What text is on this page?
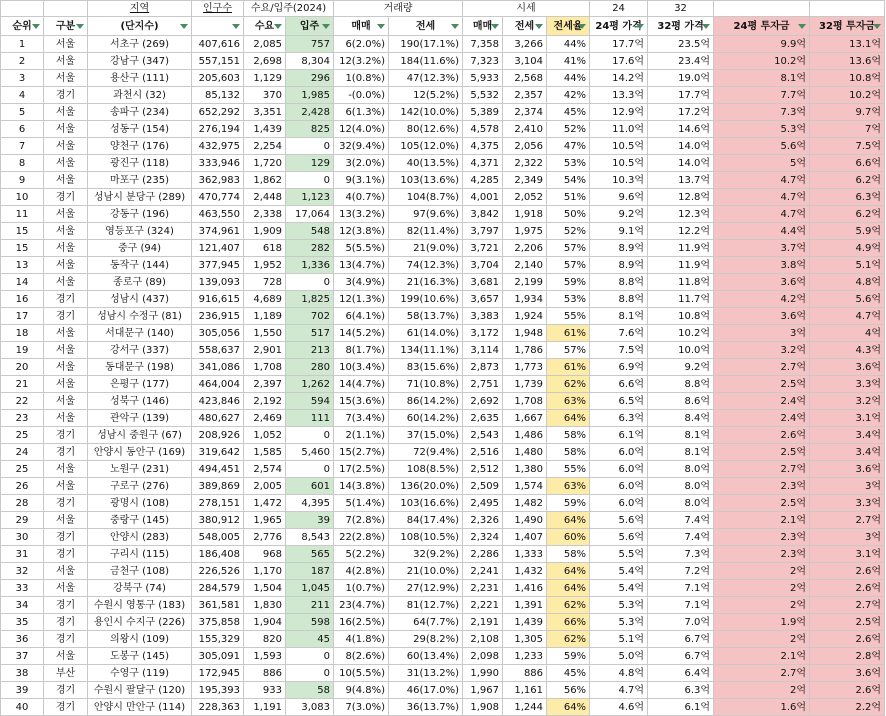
		지역	인구수	수요/입주(2024)		거래량		시세			24	32		
순위	구분	(단지수)		수요	입주	매매	전세	매매	전세	전세율	24평 가격	32평 가격	24평 투자금	32평 투자금

1	서울	서초구 (269)	407,616	2,085	757	6(2.0%)	190(17.1%)	7,358	3,266	44%	17.7억	23.5억	9.9억	13.1억
2	서울	강남구 (347)	557,151	2,698	8,304	12(3.2%)	184(11.6%)	7,323	3,104	41%	17.6억	23.4억	10.2억	13.6억
3	서울	용산구 (111)	205,603	1,129	296	1(0.8%)	47(12.3%)	5,933	2,568	44%	14.2억	19.0억	8.1억	10.8억
4	경기	과천시 (32)	85,132	370	1,985	-(0.0%)	12(5.2%)	5,532	2,357	42%	13.3억	17.7억	7.7억	10.2억
5	서울	송파구 (234)	652,292	3,351	2,428	6(1.3%)	142(10.0%)	5,389	2,374	45%	12.9억	17.2억	7.3억	9.7억
6	서울	성동구 (154)	276,194	1,439	825	12(4.0%)	80(12.6%)	4,578	2,410	52%	11.0억	14.6억	5.3억	7억
7	서울	양천구 (176)	432,975	2,254	0	32(9.4%)	105(12.0%)	4,375	2,056	47%	10.5억	14.0억	5.6억	7.5억
8	서울	광진구 (118)	333,946	1,720	129	3(2.0%)	40(13.5%)	4,371	2,322	53%	10.5억	14.0억	5억	6.6억
9	서울	마포구 (235)	362,983	1,862	0	9(3.1%)	103(13.6%)	4,285	2,349	54%	10.3억	13.7억	4.7억	6.2억
10	경기	성남시 분당구 (289)	470,774	2,448	1,123	4(0.7%)	104(8.7%)	4,001	2,052	51%	9.6억	12.8억	4.7억	6.3억
11	서울	강동구 (196)	463,550	2,338	17,064	13(3.2%)	97(9.6%)	3,842	1,918	50%	9.2억	12.3억	4.7억	6.2억
15	서울	영등포구 (324)	374,961	1,909	548	12(3.8%)	82(11.4%)	3,797	1,975	52%	9.1억	12.2억	4.4억	5.9억
15	서울	중구 (94)	121,407	618	282	5(5.5%)	21(9.0%)	3,721	2,206	57%	8.9억	11.9억	3.7억	4.9억
13	서울	동작구 (144)	377,945	1,952	1,336	13(4.7%)	74(12.3%)	3,704	2,140	57%	8.9억	11.9억	3.8억	5.1억
14	서울	종로구 (89)	139,093	728	0	3(4.9%)	21(16.3%)	3,681	2,199	59%	8.8억	11.8억	3.6억	4.8억
16	경기	성남시 (437)	916,615	4,689	1,825	12(1.3%)	199(10.6%)	3,657	1,934	53%	8.8억	11.7억	4.2억	5.6억
17	경기	성남시 수정구 (81)	236,915	1,189	702	6(4.1%)	58(13.7%)	3,383	1,924	55%	8.1억	10.8억	3.6억	4.7억
18	서울	서대문구 (140)	305,056	1,550	517	14(5.2%)	61(14.0%)	3,172	1,948	61%	7.6억	10.2억	3억	4억
19	서울	강서구 (337)	558,637	2,901	213	8(1.7%)	134(11.1%)	3,114	1,786	57%	7.5억	10.0억	3.2억	4.3억
20	서울	동대문구 (198)	341,086	1,708	280	10(3.4%)	83(15.6%)	2,873	1,773	61%	6.9억	9.2억	2.7억	3.6억
21	서울	은평구 (177)	464,004	2,397	1,262	14(4.7%)	71(10.8%)	2,751	1,739	62%	6.6억	8.8억	2.5억	3.3억
22	서울	성북구 (146)	423,846	2,192	594	15(3.6%)	86(14.2%)	2,692	1,708	63%	6.5억	8.6억	2.4억	3.2억
23	서울	관악구 (139)	480,627	2,469	111	7(3.4%)	60(14.2%)	2,635	1,667	64%	6.3억	8.4억	2.4억	3.1억
25	경기	성남시 중원구 (67)	208,926	1,052	0	2(1.1%)	37(15.0%)	2,543	1,486	58%	6.1억	8.1억	2.6억	3.4억
24	경기	안양시 동안구 (169)	319,642	1,585	5,460	15(2.7%)	72(9.4%)	2,516	1,480	58%	6.0억	8.1억	2.5억	3.4억
25	서울	노원구 (231)	494,451	2,574	0	17(2.5%)	108(8.5%)	2,512	1,380	55%	6.0억	8.0억	2.7억	3.6억
26	서울	구로구 (276)	389,869	2,005	601	14(3.8%)	136(20.0%)	2,509	1,574	63%	6.0억	8.0억	2.3억	3억
28	경기	광명시 (108)	278,151	1,472	4,395	5(1.4%)	103(16.6%)	2,495	1,482	59%	6.0억	8.0억	2.5억	3.3억
29	서울	중랑구 (145)	380,912	1,965	39	7(2.8%)	84(17.4%)	2,326	1,490	64%	5.6억	7.4억	2.1억	2.7억
30	경기	안양시 (283)	548,005	2,776	8,543	22(2.8%)	108(10.5%)	2,324	1,407	60%	5.6억	7.4억	2.3억	3억
31	경기	구리시 (115)	186,408	968	565	5(2.2%)	32(9.2%)	2,286	1,333	58%	5.5억	7.3억	2.3억	3.1억
32	서울	금천구 (108)	226,526	1,170	187	4(2.8%)	21(10.0%)	2,241	1,432	64%	5.4억	7.2억	2억	2.6억
33	서울	강북구 (74)	284,579	1,504	1,045	1(0.7%)	27(12.9%)	2,231	1,416	64%	5.4억	7.1억	2억	2.6억
34	경기	수원시 영통구 (183)	361,581	1,830	211	23(4.7%)	81(12.7%)	2,221	1,391	62%	5.3억	7.1억	2억	2.7억
35	경기	용인시 수지구 (226)	375,858	1,904	598	16(2.5%)	64(7.7%)	2,191	1,439	66%	5.3억	7.0억	1.9억	2.5억
36	경기	의왕시 (109)	155,329	820	45	4(1.8%)	29(8.2%)	2,108	1,305	62%	5.1억	6.7억	2억	2.6억
37	서울	도봉구 (145)	305,091	1,593	0	8(2.6%)	60(13.4%)	2,098	1,233	59%	5.0억	6.7억	2.1억	2.8억
38	부산	수영구 (119)	172,945	886	0	10(5.5%)	31(13.2%)	1,990	886	45%	4.8억	6.4억	2.7억	3.6억
39	경기	수원시 팔달구 (120)	195,393	933	58	9(4.8%)	46(17.0%)	1,967	1,161	56%	4.7억	6.3억	2억	2.6억
40	경기	안양시 만안구 (114)	228,363	1,191	3,083	7(3.0%)	36(13.7%)	1,908	1,244	64%	4.6억	6.1억	1.6억	2.2억
